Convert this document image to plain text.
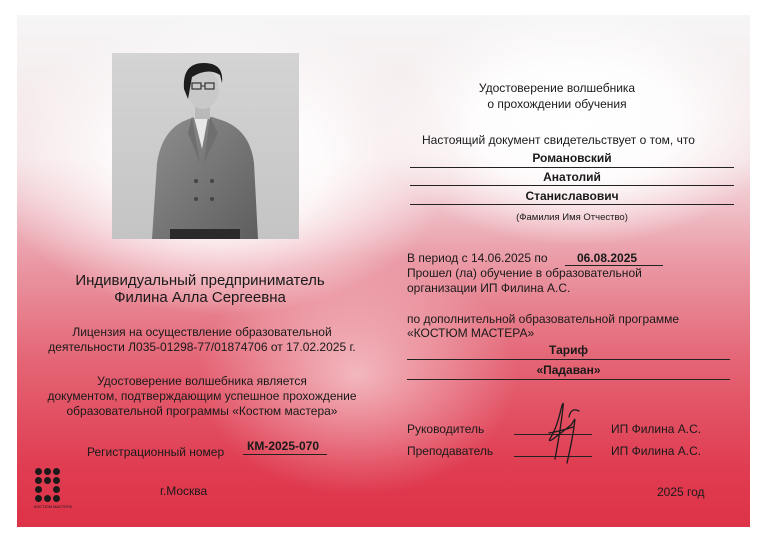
Удостоверение волшебника
о прохождении обучения
Настоящий документ свидетельствует о том, что
Романовский
Анатолий
Станиславович
(Фамилия Имя Отчество)
В период с 14.06.2025 по 06.08.2025
Прошел (ла) обучение в образовательной
организации ИП Филина А.С.
по дополнительной образовательной программе
«КОСТЮМ МАСТЕРА»
Тариф
«Падаван»
Руководитель	ИП Филина А.С.
Преподаватель	ИП Филина А.С.
2025 год
Индивидуальный предприниматель
Филина Алла Сергеевна
Лицензия на осуществление образовательной
деятельности Л035-01298-77/01874706 от 17.02.2025 г.
Удостоверение волшебника является
документом, подтверждающим успешное прохождение
образовательной программы «Костюм мастера»
Регистрационный номер КМ-2025-070
г.Москва
КОСТЮМ МАСТЕРА
